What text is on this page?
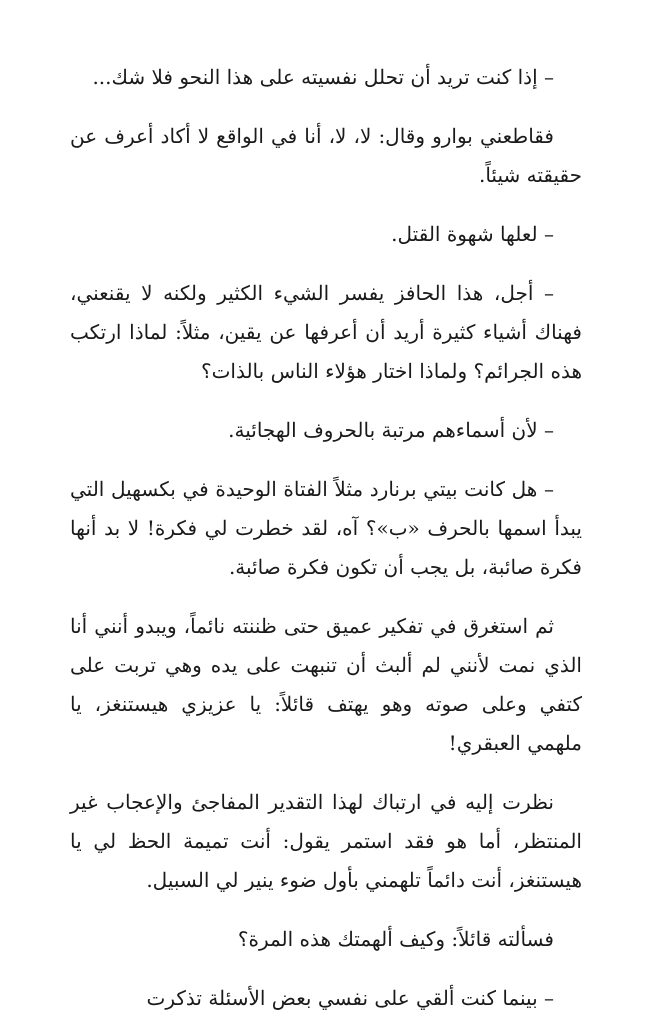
– إذا كنت تريد أن تحلل نفسيته على هذا النحو فلا شك...

فقاطعني بوارو وقال: لا، لا، أنا في الواقع لا أكاد أعرف عن حقيقته شيئاً.

– لعلها شهوة القتل.

– أجل، هذا الحافز يفسر الشيء الكثير ولكنه لا يقنعني، فهناك أشياء كثيرة أريد أن أعرفها عن يقين، مثلاً: لماذا ارتكب هذه الجرائم؟ ولماذا اختار هؤلاء الناس بالذات؟

– لأن أسماءهم مرتبة بالحروف الهجائية.

– هل كانت بيتي برنارد مثلاً الفتاة الوحيدة في بكسهيل التي يبدأ اسمها بالحرف «ب»؟ آه، لقد خطرت لي فكرة! لا بد أنها فكرة صائبة، بل يجب أن تكون فكرة صائبة.

ثم استغرق في تفكير عميق حتى ظننته نائماً، ويبدو أنني أنا الذي نمت لأنني لم ألبث أن تنبهت على يده وهي تربت على كتفي وعلى صوته وهو يهتف قائلاً: يا عزيزي هيستنغز، يا ملهمي العبقري!

نظرت إليه في ارتباك لهذا التقدير المفاجئ والإعجاب غير المنتظر، أما هو فقد استمر يقول: أنت تميمة الحظ لي يا هيستنغز، أنت دائماً تلهمني بأول ضوء ينير لي السبيل.

فسألته قائلاً: وكيف ألهمتك هذه المرة؟

– بينما كنت ألقي على نفسي بعض الأسئلة تذكرت
